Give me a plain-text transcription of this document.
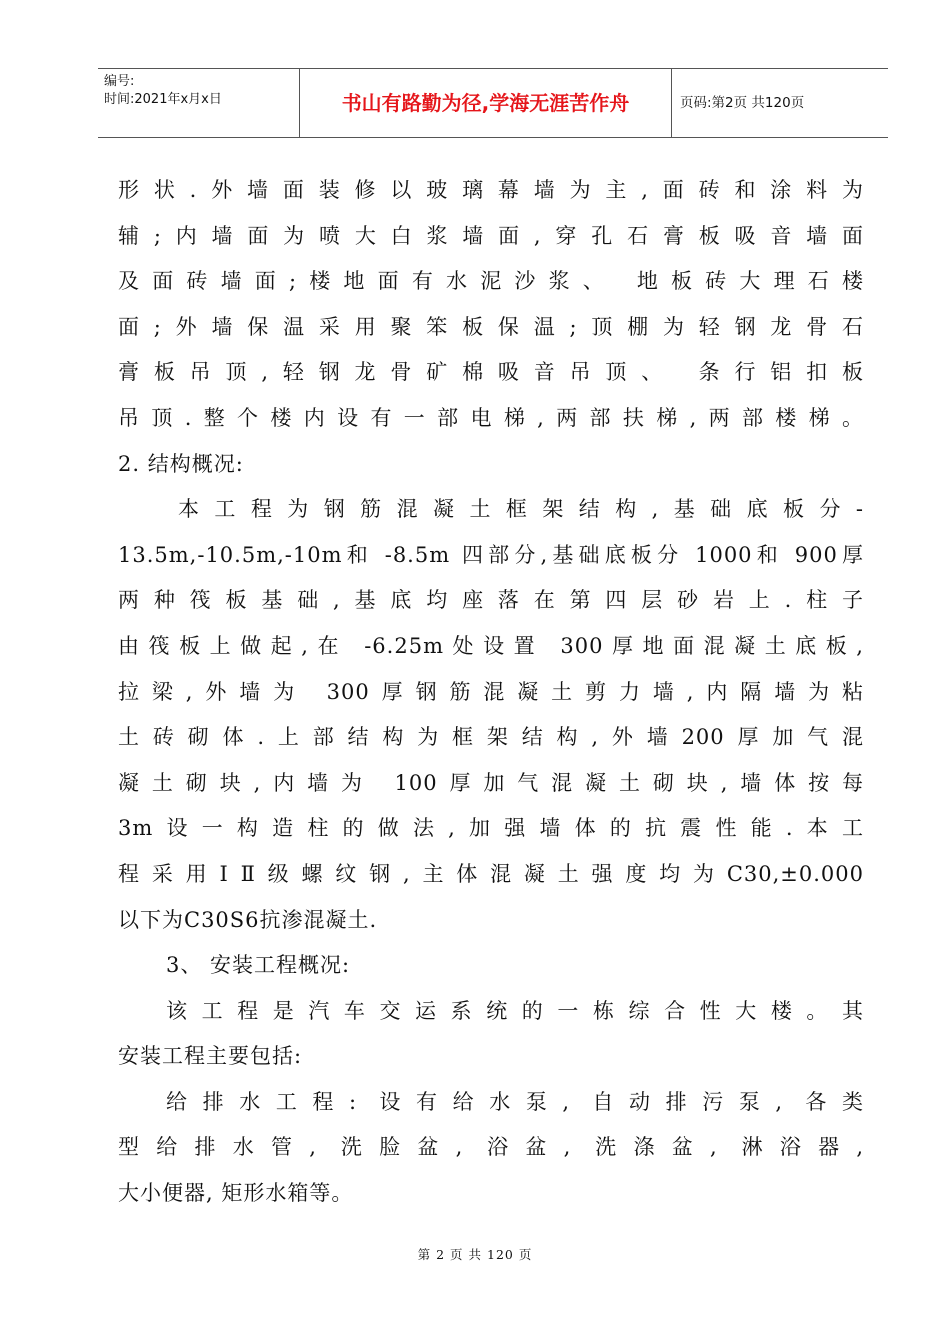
编号:
时间:2021年x月x日	书山有路勤为径,学海无涯苦作舟	页码:第2页 共120页
形状.外墙面装修以玻璃幕墙为主,面砖和涂料为
辅;内墙面为喷大白浆墙面,穿孔石膏板吸音墙面
及面砖墙面;楼地面有水泥沙浆、 地板砖大理石楼
面;外墙保温采用聚笨板保温;顶棚为轻钢龙骨石
膏板吊顶,轻钢龙骨矿棉吸音吊顶、 条行铝扣板
吊顶.整个楼内设有一部电梯,两部扶梯,两部楼梯。
2. 结构概况:
本工程为钢筋混凝土框架结构,基础底板分-
13.5m,-10.5m,-10m和 -8.5m 四部分,基础底板分 1000和 900厚
两种筏板基础,基底均座落在第四层砂岩上.柱子
由筏板上做起,在 -6.25m处设置 300厚地面混凝土底板,
拉梁,外墙为 300厚钢筋混凝土剪力墙,内隔墙为粘
土砖砌体.上部结构为框架结构,外墙200厚加气混
凝土砌块,内墙为 100厚加气混凝土砌块,墙体按每
3m设一构造柱的做法,加强墙体的抗震性能.本工
程采用ⅠⅡ级螺纹钢,主体混凝土强度均为C30,±0.000
以下为C30S6抗渗混凝土.
3、 安装工程概况:
该工程是汽车交运系统的一栋综合性大楼。其
安装工程主要包括:
给排水工程: 设有给水泵, 自动排污泵, 各类
型给排水管, 洗脸盆, 浴盆, 洗涤盆, 淋浴器,
大小便器, 矩形水箱等。
第 2 页 共 120 页
